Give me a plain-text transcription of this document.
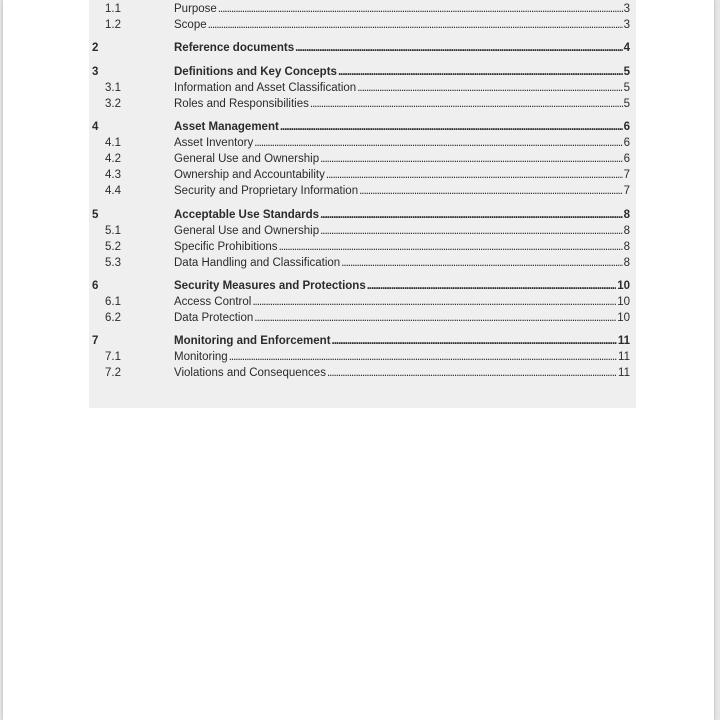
1.1	Purpose . . .	3
1.2	Scope . . .	3
2	Reference documents . . .	4
3	Definitions and Key Concepts . . .	5
3.1	Information and Asset Classification . . .	5
3.2	Roles and Responsibilities . . .	5
4	Asset Management . . .	6
4.1	Asset Inventory . . .	6
4.2	General Use and Ownership . . .	6
4.3	Ownership and Accountability . . .	7
4.4	Security and Proprietary Information . . .	7
5	Acceptable Use Standards . . .	8
5.1	General Use and Ownership . . .	8
5.2	Specific Prohibitions . . .	8
5.3	Data Handling and Classification . . .	8
6	Security Measures and Protections . . .	10
6.1	Access Control . . .	10
6.2	Data Protection . . .	10
7	Monitoring and Enforcement . . .	11
7.1	Monitoring . . .	11
7.2	Violations and Consequences . . .	11
